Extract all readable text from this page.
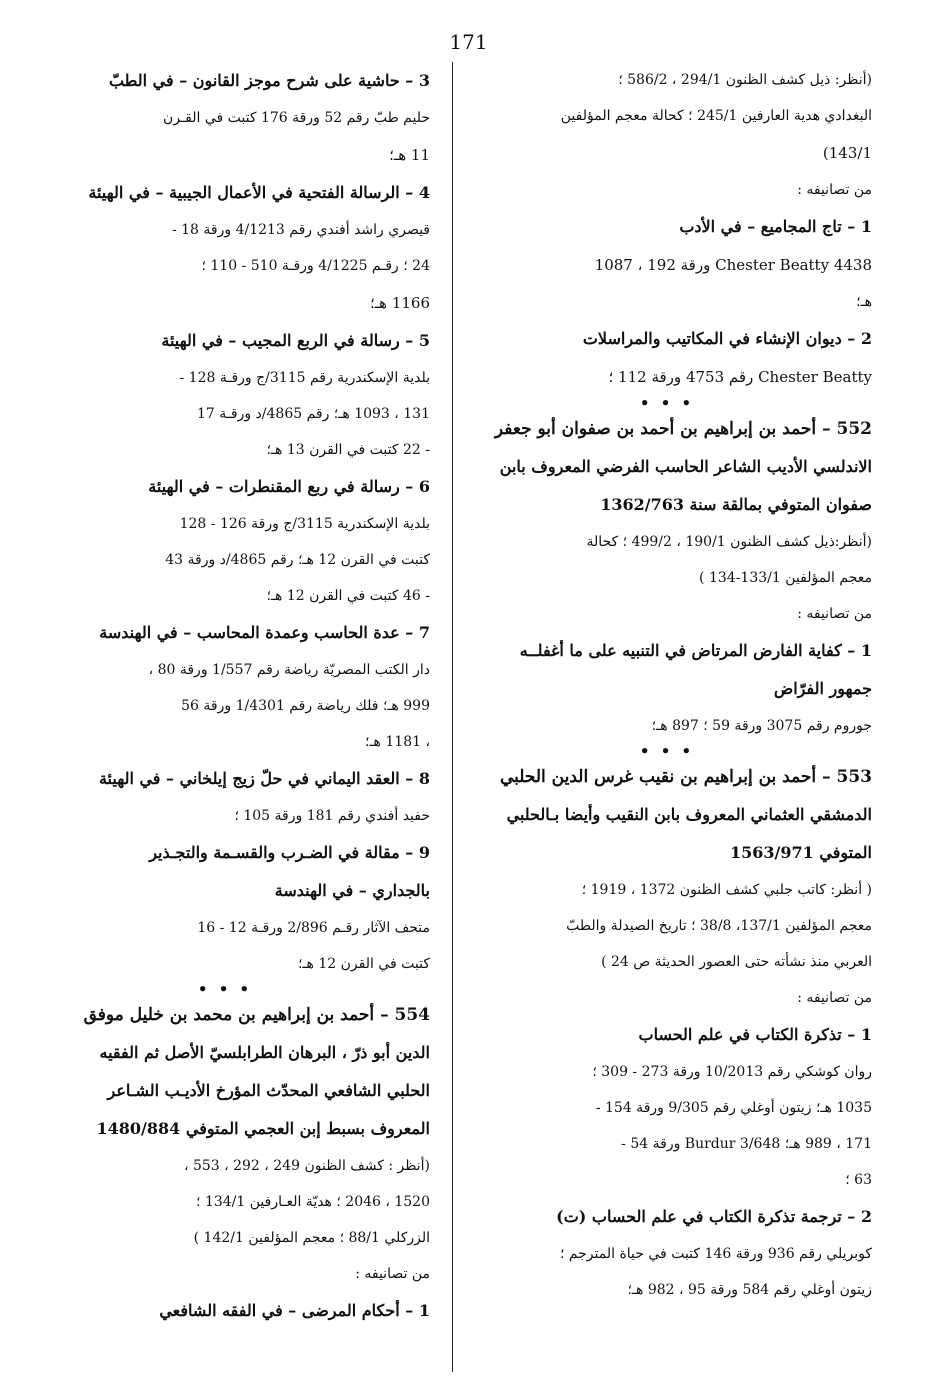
171
(أنظر: ذيل كشف الظنون 294/1 ، 586/2 ؛
البغدادي هدية العارفين 245/1 ؛ كحالة معجم المؤلفين
143/1)
من تصانيفه :
1 – تاج المجاميع – في الأدب
Chester Beatty 4438 ورقة 192 ، 1087
هـ؛
2 – ديوان الإنشاء في المكاتيب والمراسلات
Chester Beatty رقم 4753 ورقة 112 ؛
• • •
552 – أحمد بن إبراهيم بن أحمد بن صفوان أبو جعفر
الاندلسي الأديب الشاعر الحاسب الفرضي المعروف بابن
صفوان المتوفي بمالقة سنة 1362/763
(أنظر:ذيل كشف الظنون 190/1 ، 499/2 ؛ كحالة
معجم المؤلفين 133/1-134 )
من تصانيفه :
1 – كفاية الفارض المرتاض في التنبيه على ما أغفلــه
جمهور الفرّاض
جوروم رقم 3075 ورقة 59 ؛ 897 هـ؛
• • •
553 – أحمد بن إبراهيم بن نقيب غرس الدين الحلبي
الدمشقي العثماني المعروف بابن النقيب وأيضا بـالحلبي
المتوفي 1563/971
( أنظر: كاتب جلبي كشف الظنون 1372 ، 1919 ؛
معجم المؤلفين 137/1، 38/8 ؛ تاريخ الصيدلة والطبّ
العربي منذ نشأته حتى العصور الحديثة ص 24 )
من تصانيفه :
1 – تذكرة الكتاب في علم الحساب
روان كوشكي رقم 10/2013 ورقة 273 - 309 ؛
1035 هـ؛ زيتون أوغلي رقم 9/305 ورقة 154 -
171 ، 989 هـ؛ Burdur 3/648 ورقة 54 -
63 ؛
2 – ترجمة تذكرة الكتاب في علم الحساب (ت)
كوبريلي رقم 936 ورقة 146 كتبت في حياة المترجم ؛
زيتون أوغلي رقم 584 ورقة 95 ، 982 هـ؛
3 – حاشية على شرح موجز القانون – في الطبّ
حليم طبّ رقم 52 ورقة 176 كتبت في القـرن
11 هـ؛
4 – الرسالة الفتحية في الأعمال الجيبية – في الهيئة
قيصري راشد أفندي رقم 4/1213 ورقة 18 -
24 ؛ رقـم 4/1225 ورقـة 510 - 110 ؛
1166 هـ؛
5 – رسالة في الربع المجيب – في الهيئة
بلدية الإسكندرية رقم 3115/ج ورقـة 128 -
131 ، 1093 هـ؛ رقم 4865/د ورقـة 17
- 22 كتبت في القرن 13 هـ؛
6 – رسالة في ربع المقنطرات – في الهيئة
بلدية الإسكندرية 3115/ج ورقة 126 - 128
كتبت في القرن 12 هـ؛ رقم 4865/د ورقة 43
- 46 كتبت في القرن 12 هـ؛
7 – عدة الحاسب وعمدة المحاسب – في الهندسة
دار الكتب المصريّة رياضة رقم 1/557 ورقة 80 ،
999 هـ؛ فلك رياضة رقم 1/4301 ورقة 56
، 1181 هـ؛
8 – العقد اليماني في حلّ زيج إيلخاني – في الهيئة
حفيد أفندي رقم 181 ورقة 105 ؛
9 – مقالة في الضـرب والقسـمة والتجـذير
بالجداري – في الهندسة
متحف الآثار رقـم 2/896 ورقـة 12 - 16
كتبت في القرن 12 هـ؛
• • •
554 – أحمد بن إبراهيم بن محمد بن خليل موفق
الدين أبو ذرّ ، البرهان الطرابلسيّ الأصل ثم الفقيه
الحلبي الشافعي المحدّث المؤرخ الأديـب الشـاعر
المعروف بسبط إبن العجمي المتوفي 1480/884
(أنظر : كشف الظنون 249 ، 292 ، 553 ،
1520 ، 2046 ؛ هديّة العـارفين 134/1 ؛
الزركلي 88/1 ؛ معجم المؤلفين 142/1 )
من تصانيفه :
1 – أحكام المرضى – في الفقه الشافعي
